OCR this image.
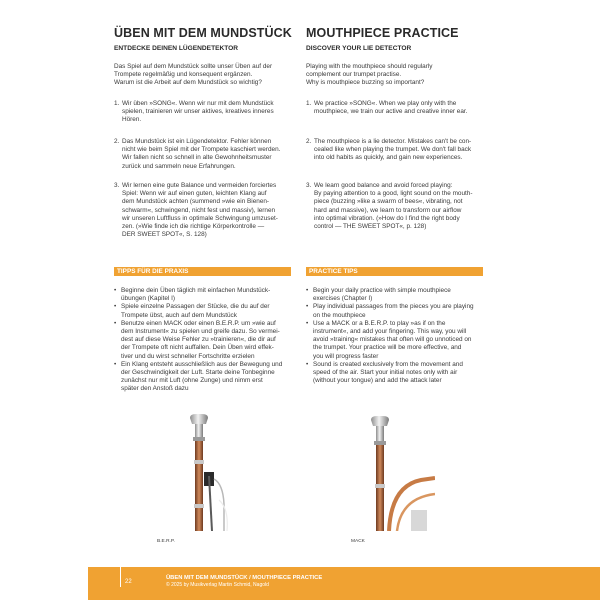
ÜBEN MIT DEM MUNDSTÜCK
ENTDECKE DEINEN LÜGENDETEKTOR
Das Spiel auf dem Mundstück sollte unser Üben auf der
Trompete regelmäßig und konsequent ergänzen.
Warum ist die Arbeit auf dem Mundstück so wichtig?
1. Wir üben »SONG«. Wenn wir nur mit dem Mundstück
spielen, trainieren wir unser aktives, kreatives inneres
Hören.
2. Das Mundstück ist ein Lügendetektor. Fehler können
nicht wie beim Spiel mit der Trompete kaschiert werden.
Wir fallen nicht so schnell in alte Gewohnheitsmuster
zurück und sammeln neue Erfahrungen.
3. Wir lernen eine gute Balance und vermeiden forciertes
Spiel: Wenn wir auf einen guten, leichten Klang auf
dem Mundstück achten (summend »wie ein Bienen-
schwarm«, schwingend, nicht fest und massiv), lernen
wir unseren Luftfluss in optimale Schwingung umzuset-
zen. (»Wie finde ich die richtige Körperkontrolle —
DER SWEET SPOT«, S. 128)
TIPPS FÜR DIE PRAXIS
• Beginne dein Üben täglich mit einfachen Mundstück-
übungen (Kapitel I)
• Spiele einzelne Passagen der Stücke, die du auf der
Trompete übst, auch auf dem Mundstück
• Benutze einen MACK oder einen B.E.R.P. um »wie auf
dem Instrument« zu spielen und greife dazu. So vermei-
dest auf diese Weise Fehler zu »trainieren«, die dir auf
der Trompete oft nicht auffallen. Dein Üben wird effek-
tiver und du wirst schneller Fortschritte erzielen
• Ein Klang entsteht ausschließlich aus der Bewegung und
der Geschwindigkeit der Luft. Starte deine Tonbeginne
zunächst nur mit Luft (ohne Zunge) und nimm erst
später den Anstoß dazu
MOUTHPIECE PRACTICE
DISCOVER YOUR LIE DETECTOR
Playing with the mouthpiece should regularly
complement our trumpet practise.
Why is mouthpiece buzzing so important?
1. We practice »SONG«. When we play only with the
mouthpiece, we train our active and creative inner ear.
2. The mouthpiece is a lie detector. Mistakes can't be con-
cealed like when playing the trumpet. We don't fall back
into old habits as quickly, and gain new experiences.
3. We learn good balance and avoid forced playing:
By paying attention to a good, light sound on the mouth-
piece (buzzing »like a swarm of bees«, vibrating, not
hard and massive), we learn to transform our airflow
into optimal vibration. (»How do I find the right body
control — THE SWEET SPOT«, p. 128)
PRACTICE TIPS
• Begin your daily practice with simple mouthpiece
exercises (Chapter I)
• Play individual passages from the pieces you are playing
on the mouthpiece
• Use a MACK or a B.E.R.P. to play »as if on the
instrument«, and add your fingering. This way, you will
avoid »training« mistakes that often will go unnoticed on
the trumpet. Your practice will be more effective, and
you will progress faster
• Sound is created exclusively from the movement and
speed of the air. Start your initial notes only with air
(without your tongue) and add the attack later
B.E.R.P.	MACK
22
ÜBEN MIT DEM MUNDSTÜCK / MOUTHPIECE PRACTICE
© 2025 by Musikverlag Martin Schmid, Nagold
